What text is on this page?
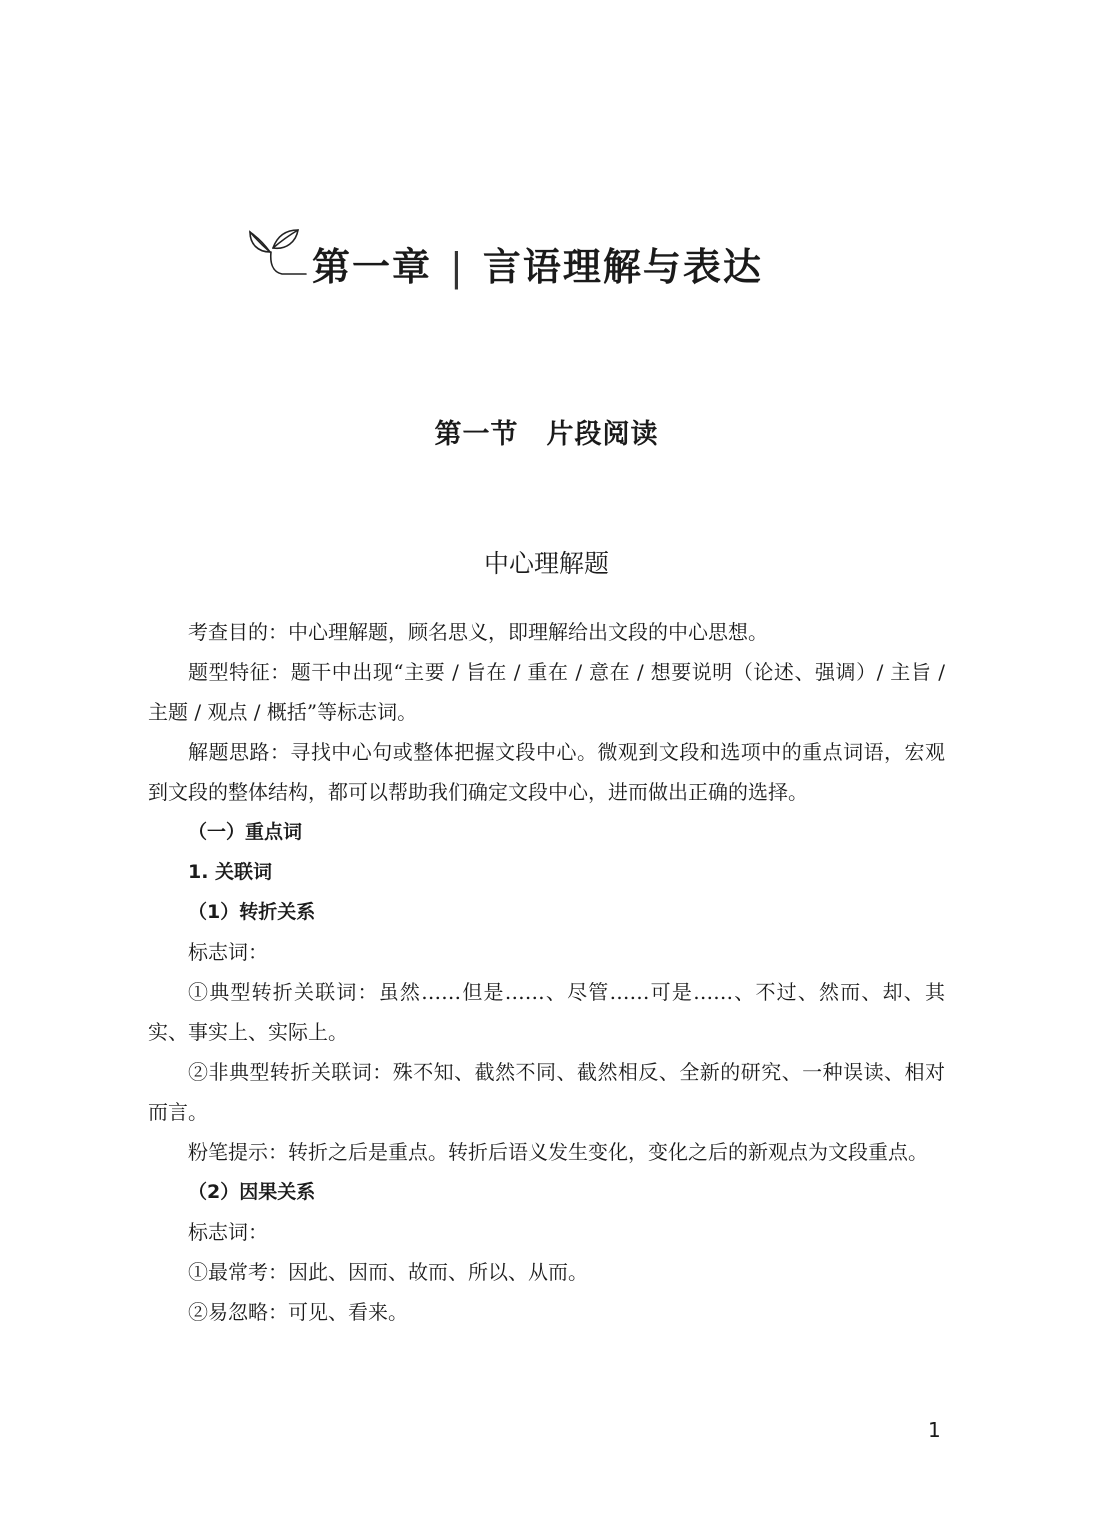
第一章 | 言语理解与表达
第一节　片段阅读
中心理解题

考查目的：中心理解题，顾名思义，即理解给出文段的中心思想。

题型特征：题干中出现“主要 / 旨在 / 重在 / 意在 / 想要说明（论述、强调）/ 主旨 / 主题 / 观点 / 概括”等标志词。

解题思路：寻找中心句或整体把握文段中心。微观到文段和选项中的重点词语，宏观到文段的整体结构，都可以帮助我们确定文段中心，进而做出正确的选择。

（一）重点词

1. 关联词

（1）转折关系

标志词：

①典型转折关联词：虽然……但是……、尽管……可是……、不过、然而、却、其实、事实上、实际上。

②非典型转折关联词：殊不知、截然不同、截然相反、全新的研究、一种误读、相对而言。

粉笔提示：转折之后是重点。转折后语义发生变化，变化之后的新观点为文段重点。

（2）因果关系

标志词：

①最常考：因此、因而、故而、所以、从而。

②易忽略：可见、看来。

1
